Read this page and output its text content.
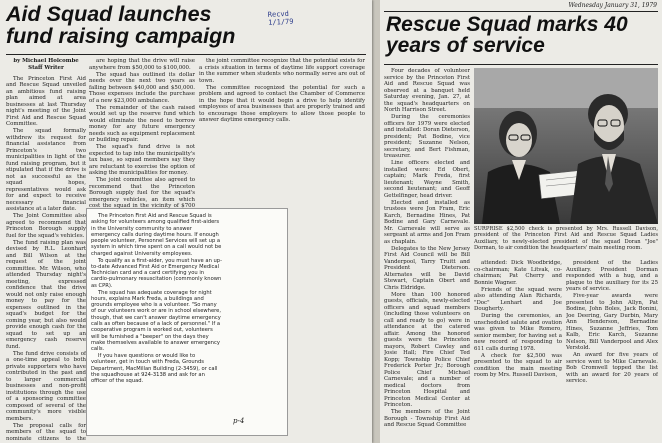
Aid Squad launches fund raising campaign
Recvd 1/1/79

by Michael Holcombe

Staff Writer

The Princeton First Aid and Rescue Squad unveiled an ambitious fund raising plan aimed at area businesses at last Thursday night's meeting of the Joint First Aid and Rescue Squad Committee.

The squad formally withdrew its request for financial assistance from Princeton's two municipalities in light of the fund raising program, but it stipulated that if the drive is not as successful as the squad hopes, representatives would ask for and expect to receive necessary financial assistance at a later date.

The Joint Committee also agreed to recommend that Princeton Borough supply fuel for the squad's vehicles.

The fund raising plan was devised by R.L. Leonhart and Bill Wilson at the request of the joint committee. Mr. Wilson, who attended Thursday night's meeting, expressed confidence that the drive would not only raise enough money to pay for the expenses outlined in the squad's budget for the coming year, but also would provide enough cash for the squad to set up an emergency cash reserve fund.

The fund drive consists of a one-time appeal to both private supporters who have contributed in the past and to larger commercial businesses and non-profit institutions through the use of a sponsoring committee composed of several of the community's more visible members.

The proposal calls for members of the squad to nominate citizens to the

are hoping that the drive will raise anywhere from $50,000 to $100,000.

The squad has outlined its dollar needs over the next two years as falling between $40,000 and $50,000. Those expenses include the purchase of a new $23,000 ambulance.

The remainder of the cash raised would set up the reserve fund which would eliminate the need to borrow money for any future emergency needs such as equipment replacement or building repair.

The squad's fund drive is not expected to tap into the municipality's tax base, so squad members say they are reluctant to exercise the option of asking the municipalities for money.

The joint committee also agreed to recommend that the Princeton Borough supply fuel for the squad's emergency vehicles, an item which cost the squad in the vicinity of $700

the joint committee recognize that the potential exists for a crisis situation in terms of daytime life support coverage in the summer when students who normally serve are out of town.

The committee recognized the potential for such a problem and agreed to contact the Chamber of Commerce in the hope that it would begin a drive to help identify employees of area businesses that are properly trained and to encourage those employers to allow those people to answer daytime emergency calls.

The Princeton First Aid and Rescue Squad is asking for volunteers among qualified first-aiders in the University community to answer emergency calls during daytime hours. If enough people volunteer, Personnel Services will set up a system in which time spent on a call would not be charged against University employees.

To qualify as a first-aider, you must have an up-to-date Advanced First Aid or Emergency Medical Technician card and a card certifying you in cardio-pulmonary resuscitation (commonly known as CPR).

The squad has adequate coverage for night hours, explains Mark Freda, a buildings and grounds employee who is a volunteer. "So many of our volunteers work or are in school elsewhere, though, that we can't answer daytime emergency calls as often because of a lack of personnel." If a cooperative program is worked out, volunteers will be furnished a "beeper" on the days they make themselves available to answer emergency calls.

If you have questions or would like to volunteer, get in touch with Freda, Grounds Department, MacMillan Building (2-3459), or call the squadhouse at 924-3138 and ask for an officer of the squad.

p-4
Wednesday January 31, 1979
Rescue Squad marks 40 years of service

Four decades of volunteer service by the Princeton First Aid and Rescue Squad was observed at a banquet held Saturday evening, Jan. 27, at the squad's headquarters on North Harrison Street.

During the ceremonies officers for 1979 were elected and installed: Doran Dieterson, president; Pat Bodine, vice president; Suzanne Nelson, secretary, and Bert Fishman, treasurer.

Line officers elected and installed were: Ed Obert, captain; Mark Freda, first lieutenant; Wayne Smith, second lieutenant; and Geoff Gettelfinger, head driver.

Elected and installed as trustees were Jon Fram, Eric Karch, Bernadine Hines, Pat Bodine and Gary Carnevale. Mr. Carnevale will serve as sergeant at arms and Jon Fram as chaplain.

Delegates to the New Jersey First Aid Council will be Bill Vanderpool, Tarry Truitt and President Dieterson. Alternates will be David Stewart, Captain Obert and Chris Eldridge.

More than 100 honored guests, officials, newly-elected officers and squad members (including those volunteers on call and ready to go) were in attendance at the catered affair. Among the honored guests were the Princeton mayors, Robert Cawley and Josie Hall; Fire Chief Ted Kopp; Township Police Chief Frederick Porter Jr.; Borough Police Chief Michael Carnevale; and a number of medical doctors from Princeton Hospital and Princeton Medical Center at Princeton.

The members of the Joint Borough - Township First Aid and Rescue Squad Committee

SURPRISE $2,500 check is presented by Mrs. Russell Davison, president of the Princeton First Aid and Rescue Squad Ladies Auxiliary, to newly-elected president of the squad Doran "Joe" Dorman, to air condition the headquarters' main meeting room.

attended: Dick Woodbridge, co-chairman; Kate Litvak, co-chairman; Pat Cherry and Bonnie Wagner.

Friends of the squad were also attending Alan Richards, "Doc" Lenhart and Joe Dougherty.

During the ceremonies, an unscheduled salute and ovation was given to Mike Romero, senior member, for having set a new record of responding to 611 calls during 1978.

A check for $2,500 was presented to the squad to air condition the main meeting room by Mrs. Russell Davison,

president of the Ladies Auxiliary. President Dorman responded with a hug, and a plaque to the auxiliary for its 25 years of service.

Five-year awards were presented to John Allyn, Pat Bodine, John Boles, Jack Bonini, Joe Deering, Gary Durbin, Mary Ann Henderson, Bernadine Hines, Suzanne Jeffries, Tom Kalb, Eric Karch, Suzanne Nelson, Bill Vanderpool and Alex Verstold.

An award for five years of service went to Mike Carnevale. Bob Cromwell topped the list with an award for 20 years of service.
